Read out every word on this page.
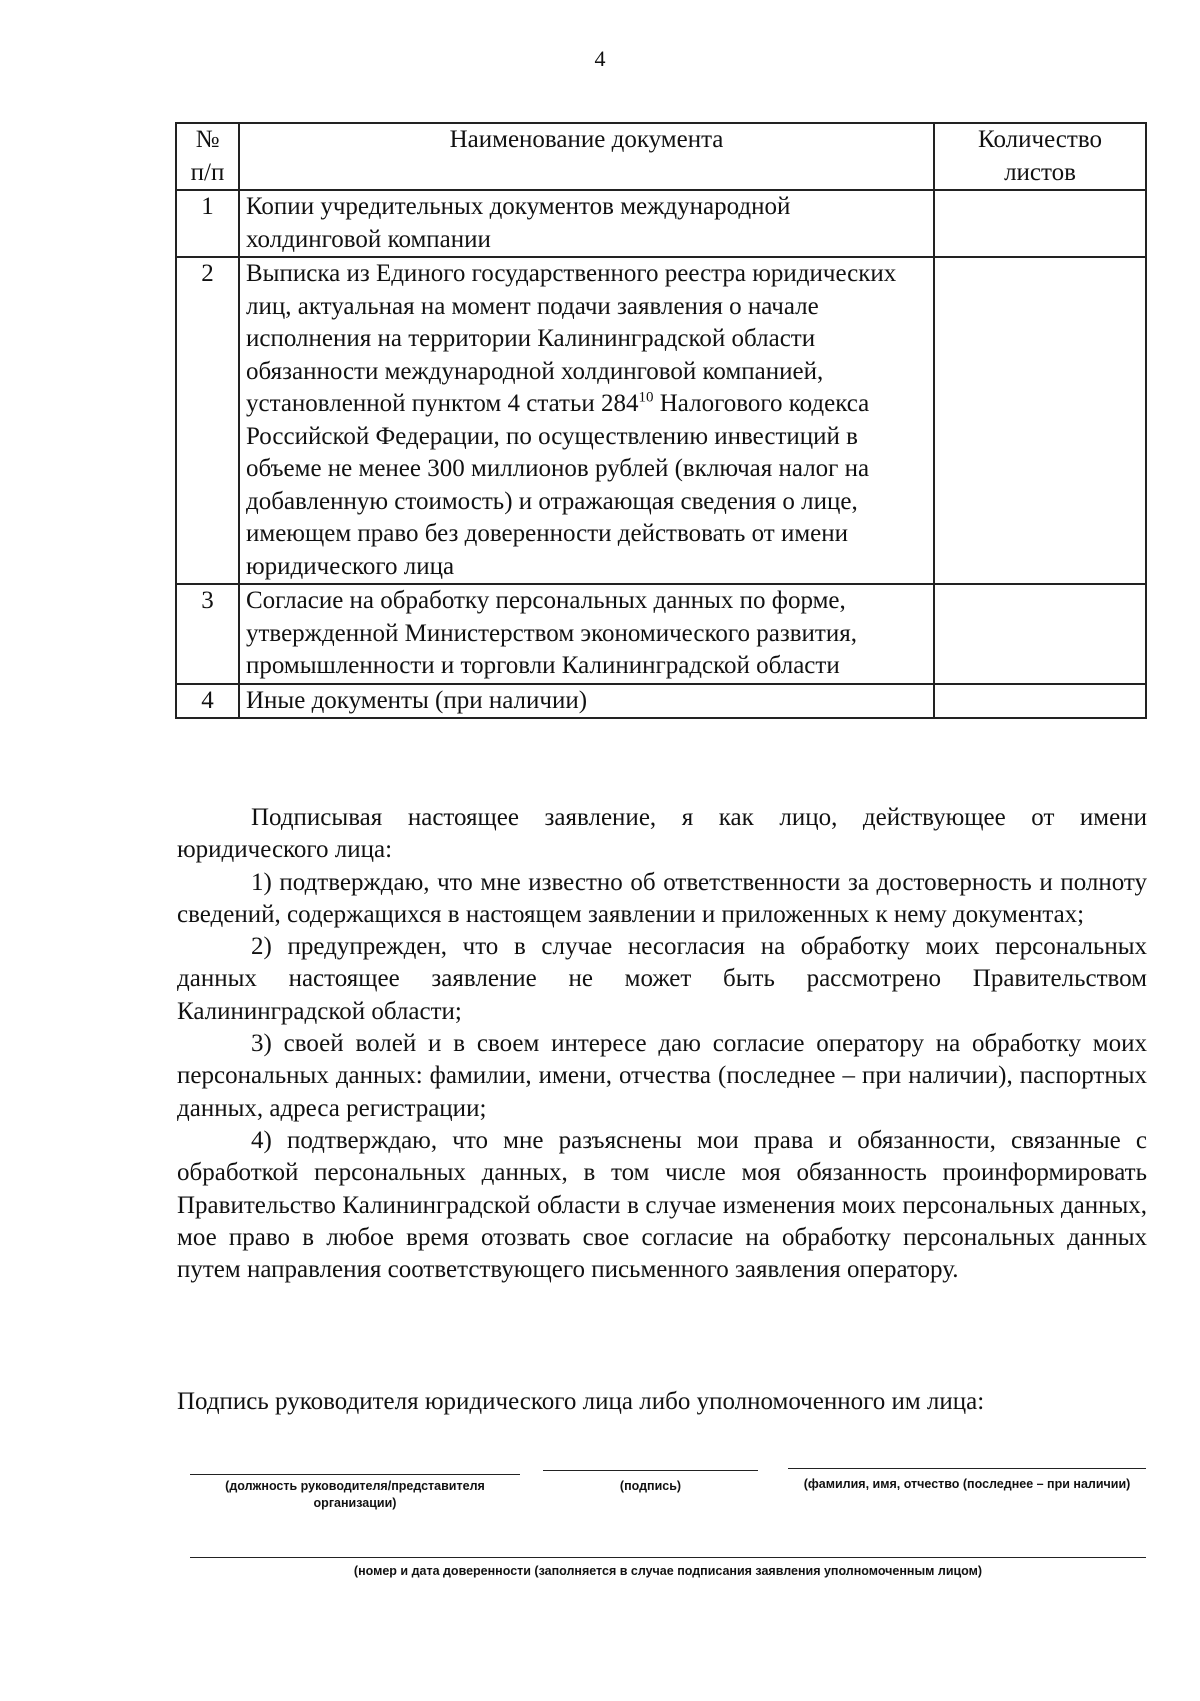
4
№ п/п	Наименование документа	Количество листов
1	Копии учредительных документов международной холдинговой компании	
2	Выписка из Единого государственного реестра юридических лиц, актуальная на момент подачи заявления о начале исполнения на территории Калининградской области обязанности международной холдинговой компанией, установленной пунктом 4 статьи $284^{10}$ Налогового кодекса Российской Федерации, по осуществлению инвестиций в объеме не менее 300 миллионов рублей (включая налог на добавленную стоимость) и отражающая сведения о лице, имеющем право без доверенности действовать от имени юридического лица	
3	Согласие на обработку персональных данных по форме, утвержденной Министерством экономического развития, промышленности и торговли Калининградской области	
4	Иные документы (при наличии)	

Подписывая настоящее заявление, я как лицо, действующее от имени юридического лица:

1) подтверждаю, что мне известно об ответственности за достоверность и полноту сведений, содержащихся в настоящем заявлении и приложенных к нему документах;

2) предупрежден, что в случае несогласия на обработку моих персональных данных настоящее заявление не может быть рассмотрено Правительством Калининградской области;

3) своей волей и в своем интересе даю согласие оператору на обработку моих персональных данных: фамилии, имени, отчества (последнее – при наличии), паспортных данных, адреса регистрации;

4) подтверждаю, что мне разъяснены мои права и обязанности, связанные с обработкой персональных данных, в том числе моя обязанность проинформировать Правительство Калининградской области в случае изменения моих персональных данных, мое право в любое время отозвать свое согласие на обработку персональных данных путем направления соответствующего письменного заявления оператору.

Подпись руководителя юридического лица либо уполномоченного им лица:
(должность руководителя/представителя организации)
(подпись)	(фамилия, имя, отчество (последнее – при наличии)
(номер и дата доверенности (заполняется в случае подписания заявления уполномоченным лицом)
